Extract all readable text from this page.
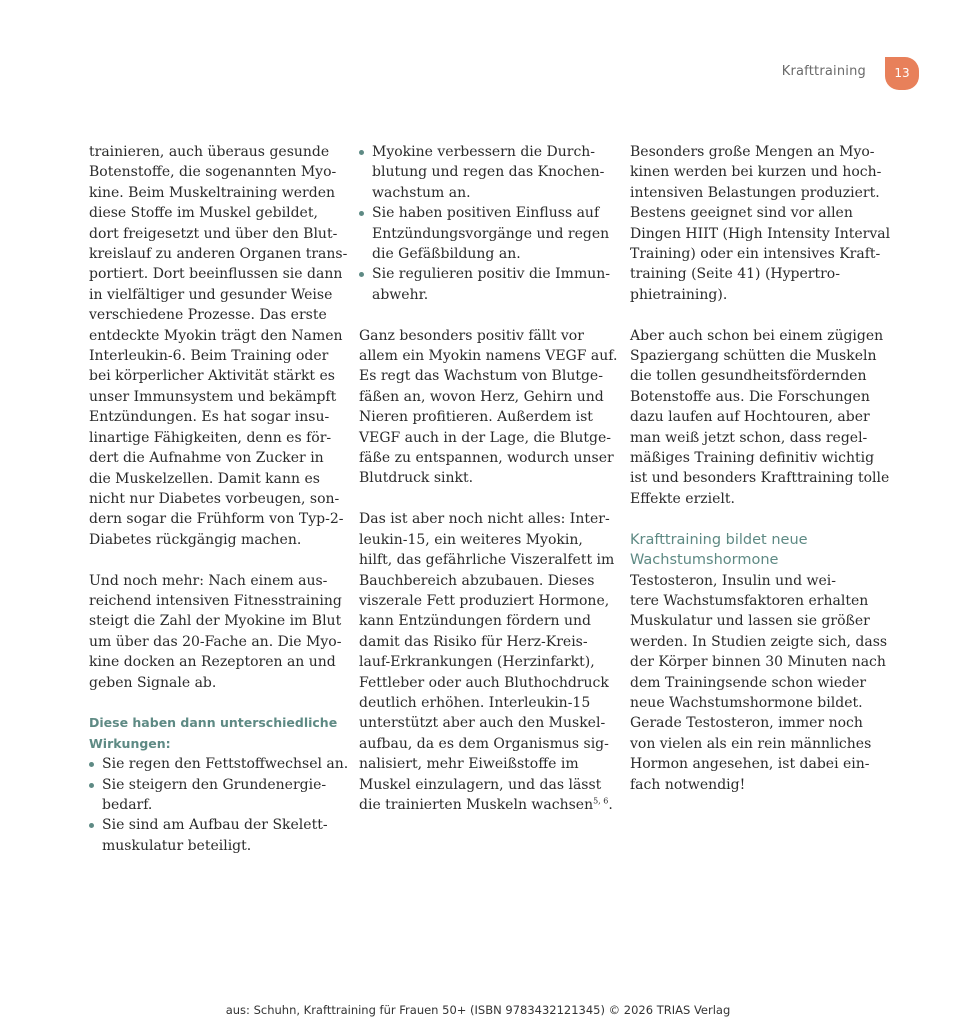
Krafttraining	13
trainieren, auch überaus gesunde
Botenstoffe, die sogenannten Myo-
kine. Beim Muskeltraining werden
diese Stoffe im Muskel gebildet,
dort freigesetzt und über den Blut-
kreislauf zu anderen Organen trans-
portiert. Dort beeinflussen sie dann
in vielfältiger und gesunder Weise
verschiedene Prozesse. Das erste
entdeckte Myokin trägt den Namen
Interleukin-6. Beim Training oder
bei körperlicher Aktivität stärkt es
unser Immunsystem und bekämpft
Entzündungen. Es hat sogar insu-
linartige Fähigkeiten, denn es för-
dert die Aufnahme von Zucker in
die Muskelzellen. Damit kann es
nicht nur Diabetes vorbeugen, son-
dern sogar die Frühform von Typ-2-
Diabetes rückgängig machen.
Und noch mehr: Nach einem aus-
reichend intensiven Fitnesstraining
steigt die Zahl der Myokine im Blut
um über das 20-Fache an. Die Myo-
kine docken an Rezeptoren an und
geben Signale ab.
Diese haben dann unterschiedliche
Wirkungen:
Sie regen den Fettstoffwechsel an.
Sie steigern den Grundenergie-
bedarf.
Sie sind am Aufbau der Skelett-
muskulatur beteiligt.
Myokine verbessern die Durch-
blutung und regen das Knochen-
wachstum an.
Sie haben positiven Einfluss auf
Entzündungsvorgänge und regen
die Gefäßbildung an.
Sie regulieren positiv die Immun-
abwehr.
Ganz besonders positiv fällt vor
allem ein Myokin namens VEGF auf.
Es regt das Wachstum von Blutge-
fäßen an, wovon Herz, Gehirn und
Nieren profitieren. Außerdem ist
VEGF auch in der Lage, die Blutge-
fäße zu entspannen, wodurch unser
Blutdruck sinkt.
Das ist aber noch nicht alles: Inter-
leukin-15, ein weiteres Myokin,
hilft, das gefährliche Viszeralfett im
Bauchbereich abzubauen. Dieses
viszerale Fett produziert Hormone,
kann Entzündungen fördern und
damit das Risiko für Herz-Kreis-
lauf-Erkrankungen (Herzinfarkt),
Fettleber oder auch Bluthochdruck
deutlich erhöhen. Interleukin-15
unterstützt aber auch den Muskel-
aufbau, da es dem Organismus sig-
nalisiert, mehr Eiweißstoffe im
Muskel einzulagern, und das lässt
die trainierten Muskeln wachsen$^{5, 6}$.
Besonders große Mengen an Myo-
kinen werden bei kurzen und hoch-
intensiven Belastungen produziert.
Bestens geeignet sind vor allen
Dingen HIIT (High Intensity Interval
Training) oder ein intensives Kraft-
training (Seite 41) (Hypertro-
phietraining).
Aber auch schon bei einem zügigen
Spaziergang schütten die Muskeln
die tollen gesundheitsfördernden
Botenstoffe aus. Die Forschungen
dazu laufen auf Hochtouren, aber
man weiß jetzt schon, dass regel-
mäßiges Training definitiv wichtig
ist und besonders Krafttraining tolle
Effekte erzielt.
Krafttraining bildet neue
Wachstumshormone
Testosteron, Insulin und wei-
tere Wachstumsfaktoren erhalten
Muskulatur und lassen sie größer
werden. In Studien zeigte sich, dass
der Körper binnen 30 Minuten nach
dem Trainingsende schon wieder
neue Wachstumshormone bildet.
Gerade Testosteron, immer noch
von vielen als ein rein männliches
Hormon angesehen, ist dabei ein-
fach notwendig!
aus: Schuhn, Krafttraining für Frauen 50+ (ISBN 9783432121345) © 2026 TRIAS Verlag
